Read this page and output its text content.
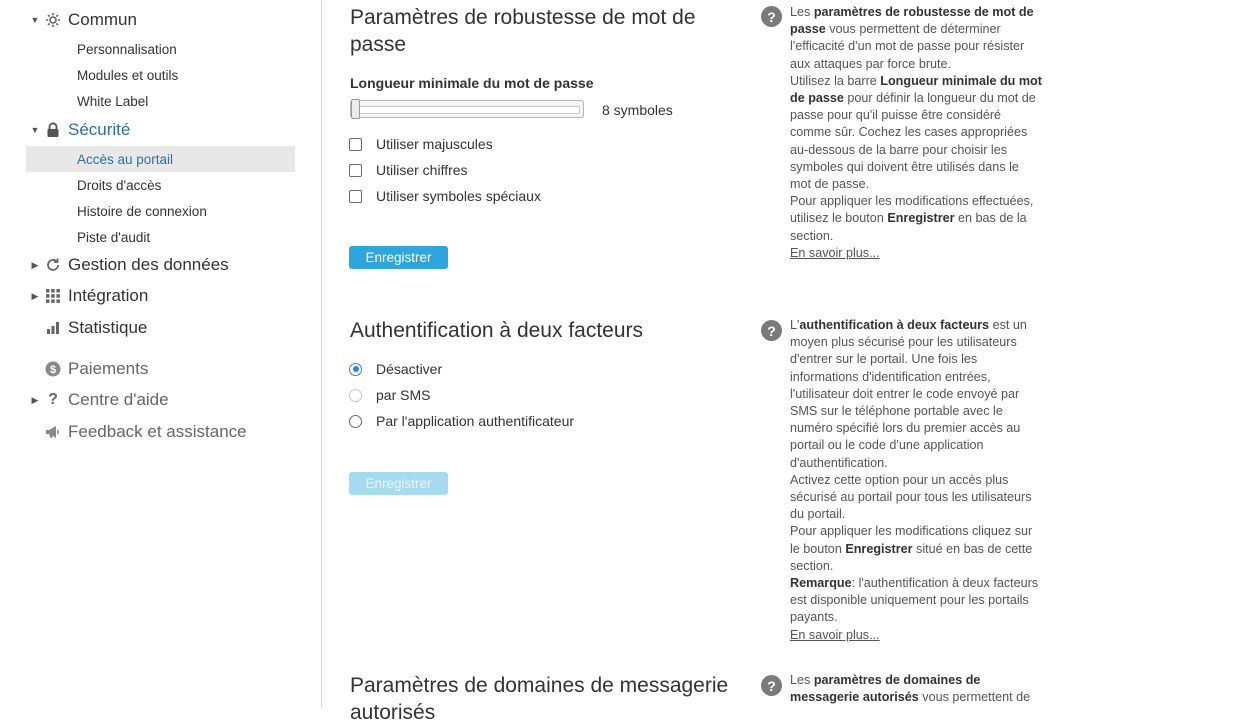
▼ Commun
Personnalisation
Modules et outils
White Label
▼ Sécurité
Accès au portail
Droits d'accès
Histoire de connexion
Piste d'audit
▶ Gestion des données
▶ Intégration
Statistique
$ Paiements
▶ ? Centre d'aide
Feedback et assistance
Paramètres de robustesse de mot de passe
Longueur minimale du mot de passe
8 symboles
Utiliser majuscules
Utiliser chiffres
Utiliser symboles spéciaux
Enregistrer
?	Les paramètres de robustesse de mot de passe vous permettent de déterminer l'efficacité d'un mot de passe pour résister aux attaques par force brute.
Utilisez la barre Longueur minimale du mot de passe pour définir la longueur du mot de passe pour qu'il puisse être considéré comme sûr. Cochez les cases appropriées au-dessous de la barre pour choisir les symboles qui doivent être utilisés dans le mot de passe.
Pour appliquer les modifications effectuées, utilisez le bouton Enregistrer en bas de la section.
En savoir plus...
Authentification à deux facteurs
Désactiver
par SMS
Par l'application authentificateur
Enregistrer
?	L'authentification à deux facteurs est un moyen plus sécurisé pour les utilisateurs d'entrer sur le portail. Une fois les informations d'identification entrées, l'utilisateur doit entrer le code envoyé par SMS sur le téléphone portable avec le numéro spécifié lors du premier accès au portail ou le code d'une application d'authentification.
Activez cette option pour un accès plus sécurisé au portail pour tous les utilisateurs du portail.
Pour appliquer les modifications cliquez sur le bouton Enregistrer situé en bas de cette section.
Remarque: l'authentification à deux facteurs est disponible uniquement pour les portails payants.
En savoir plus...
Paramètres de domaines de messagerie autorisés
?	Les paramètres de domaines de messagerie autorisés vous permettent de
